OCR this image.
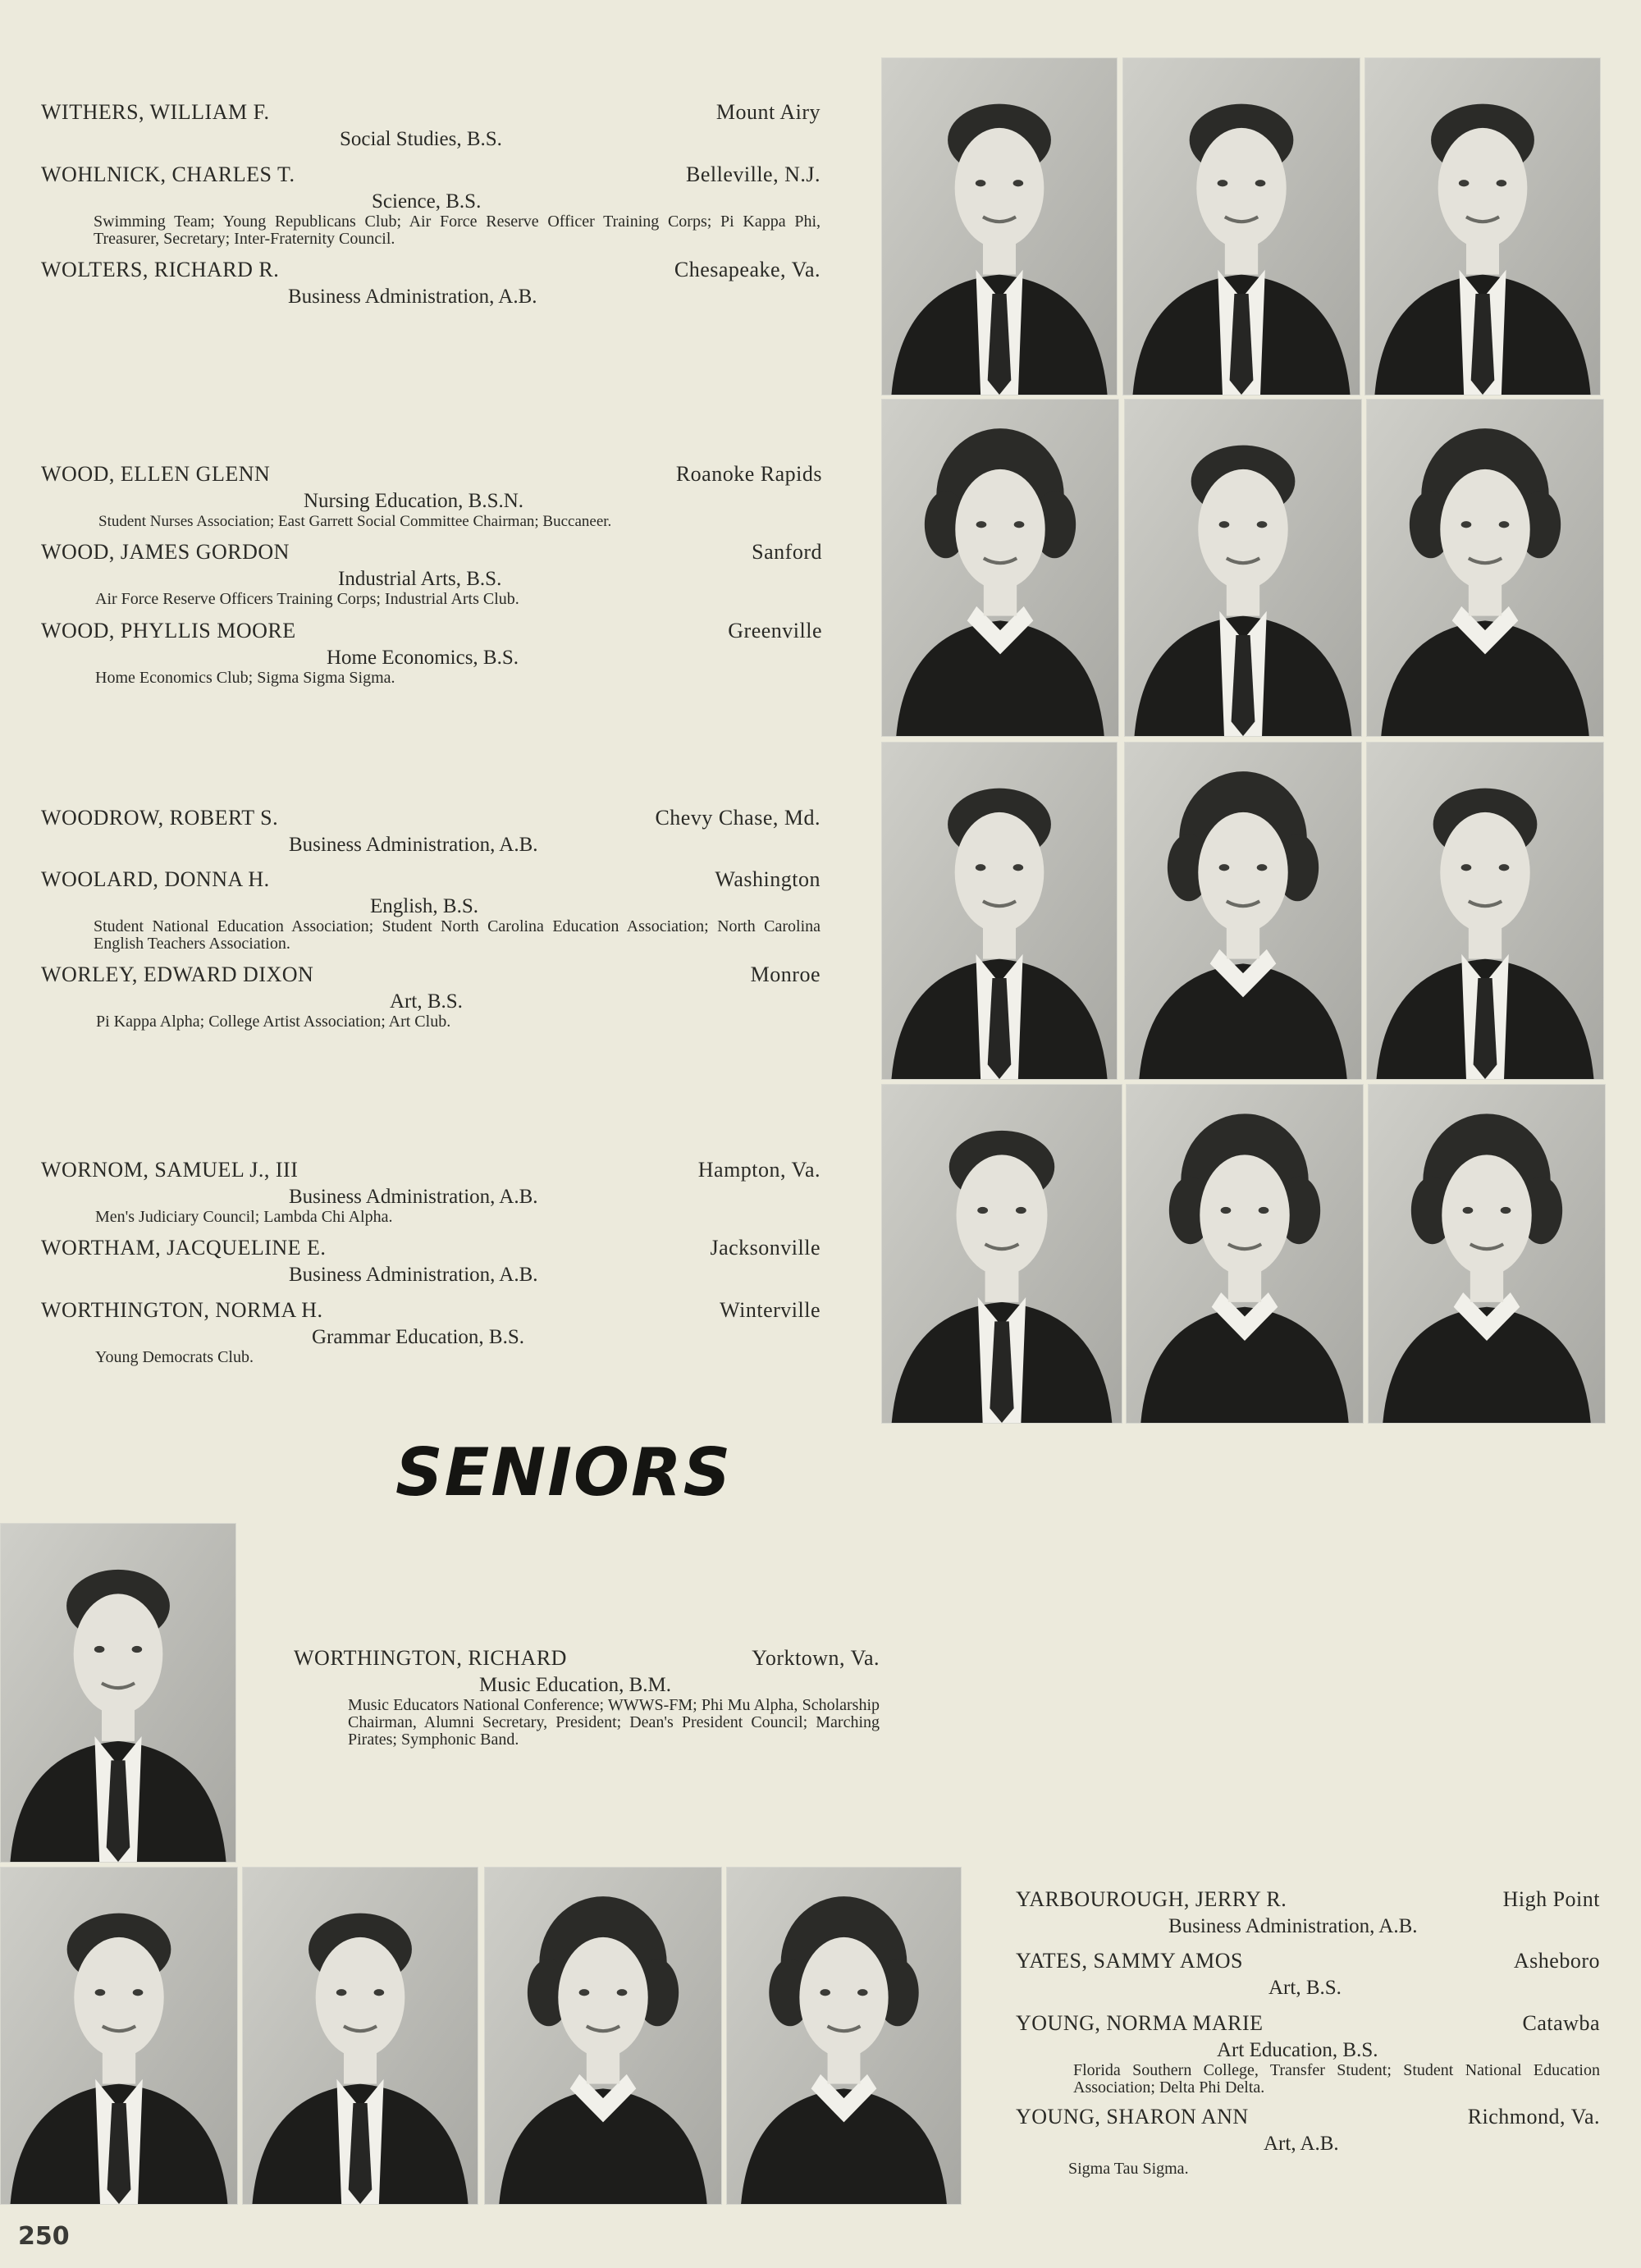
WITHERS, WILLIAM F.	Mount Airy
Social Studies, B.S.
WOHLNICK, CHARLES T.	Belleville, N.J.
Science, B.S.
Swimming Team; Young Republicans Club; Air Force Reserve Officer Training Corps; Pi Kappa Phi, Treasurer, Secretary; Inter-Fraternity Council.
WOLTERS, RICHARD R.	Chesapeake, Va.
Business Administration, A.B.
WOOD, ELLEN GLENN	Roanoke Rapids
Nursing Education, B.S.N.
Student Nurses Association; East Garrett Social Committee Chairman; Buccaneer.
WOOD, JAMES GORDON	Sanford
Industrial Arts, B.S.
Air Force Reserve Officers Training Corps; Industrial Arts Club.
WOOD, PHYLLIS MOORE	Greenville
Home Economics, B.S.
Home Economics Club; Sigma Sigma Sigma.
WOODROW, ROBERT S.	Chevy Chase, Md.
Business Administration, A.B.
WOOLARD, DONNA H.	Washington
English, B.S.
Student National Education Association; Student North Carolina Education Association; North Carolina English Teachers Association.
WORLEY, EDWARD DIXON	Monroe
Art, B.S.
Pi Kappa Alpha; College Artist Association; Art Club.
WORNOM, SAMUEL J., III	Hampton, Va.
Business Administration, A.B.
Men's Judiciary Council; Lambda Chi Alpha.
WORTHAM, JACQUELINE E.	Jacksonville
Business Administration, A.B.
WORTHINGTON, NORMA H.	Winterville
Grammar Education, B.S.
Young Democrats Club.
SENIORS
WORTHINGTON, RICHARD	Yorktown, Va.
Music Education, B.M.
Music Educators National Conference; WWWS-FM; Phi Mu Alpha, Scholarship Chairman, Alumni Secretary, President; Dean's President Council; Marching Pirates; Symphonic Band.
YARBOUROUGH, JERRY R.	High Point
Business Administration, A.B.
YATES, SAMMY AMOS	Asheboro
Art, B.S.
YOUNG, NORMA MARIE	Catawba
Art Education, B.S.
Florida Southern College, Transfer Student; Student National Education Association; Delta Phi Delta.
YOUNG, SHARON ANN	Richmond, Va.
Art, A.B.
Sigma Tau Sigma.
250
